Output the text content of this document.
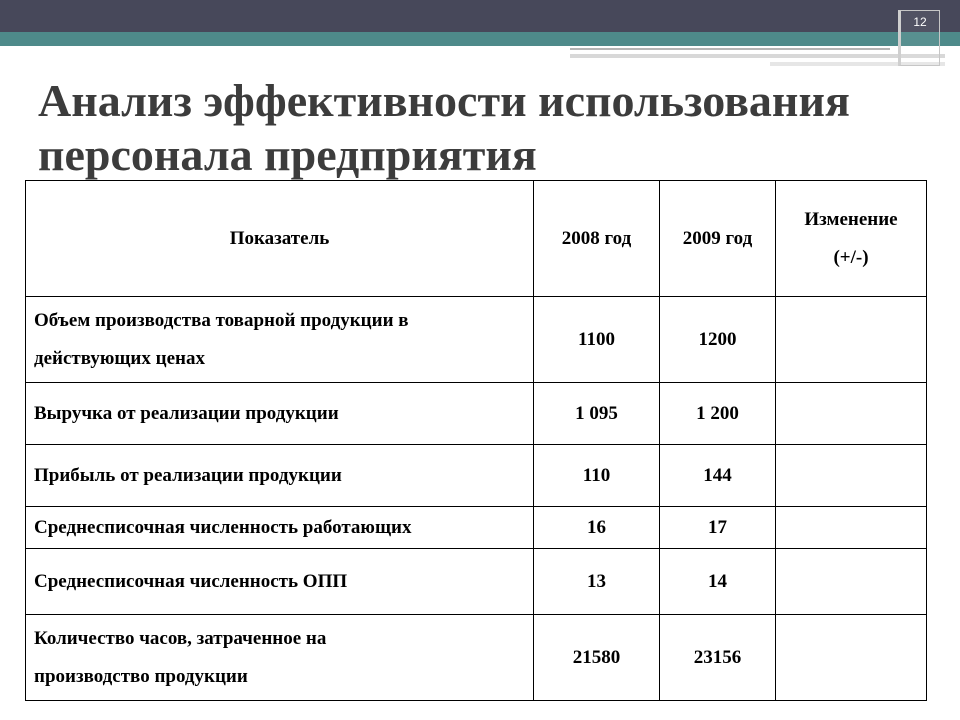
12
Анализ эффективности использования
персонала предприятия
Показатель	2008 год	2009 год	Изменение
(+/-)

Объем производства товарной продукции в
действующих ценах	1100	1200	
Выручка от реализации продукции	1 095	1 200	
Прибыль от реализации продукции	110	144	
Среднесписочная численность работающих	16	17	
Среднесписочная численность ОПП	13	14	

Количество часов, затраченное на
производство продукции	21580	23156	
